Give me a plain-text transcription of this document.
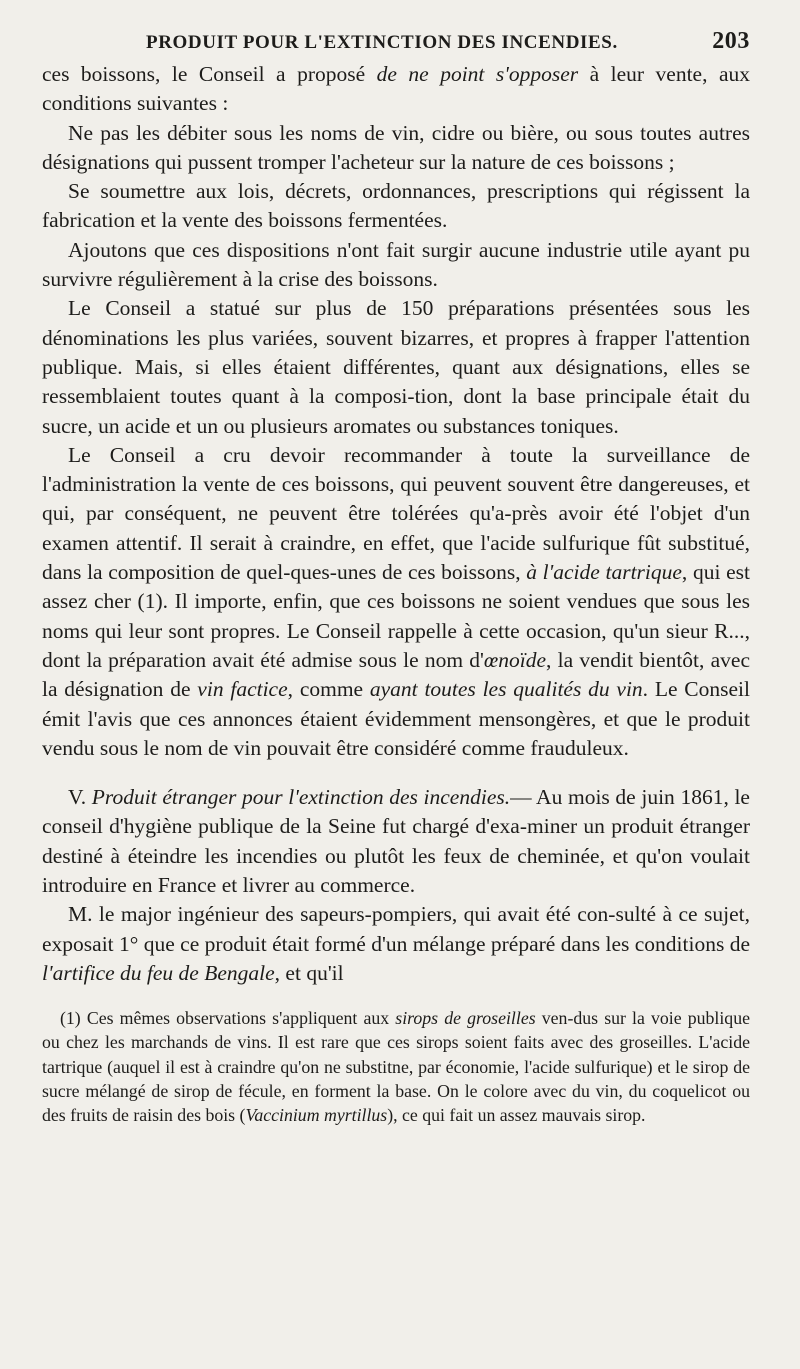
PRODUIT POUR L'EXTINCTION DES INCENDIES.	203

ces boissons, le Conseil a proposé de ne point s'opposer à leur vente, aux conditions suivantes :

Ne pas les débiter sous les noms de vin, cidre ou bière, ou sous toutes autres désignations qui pussent tromper l'acheteur sur la nature de ces boissons ;

Se soumettre aux lois, décrets, ordonnances, prescriptions qui régissent la fabrication et la vente des boissons fermentées.

Ajoutons que ces dispositions n'ont fait surgir aucune industrie utile ayant pu survivre régulièrement à la crise des boissons.

Le Conseil a statué sur plus de 150 préparations présentées sous les dénominations les plus variées, souvent bizarres, et propres à frapper l'attention publique. Mais, si elles étaient différentes, quant aux désignations, elles se ressemblaient toutes quant à la composi-tion, dont la base principale était du sucre, un acide et un ou plusieurs aromates ou substances toniques.

Le Conseil a cru devoir recommander à toute la surveillance de l'administration la vente de ces boissons, qui peuvent souvent être dangereuses, et qui, par conséquent, ne peuvent être tolérées qu'a-près avoir été l'objet d'un examen attentif. Il serait à craindre, en effet, que l'acide sulfurique fût substitué, dans la composition de quel-ques-unes de ces boissons, à l'acide tartrique, qui est assez cher (1). Il importe, enfin, que ces boissons ne soient vendues que sous les noms qui leur sont propres. Le Conseil rappelle à cette occasion, qu'un sieur R..., dont la préparation avait été admise sous le nom d'œnoïde, la vendit bientôt, avec la désignation de vin factice, comme ayant toutes les qualités du vin. Le Conseil émit l'avis que ces annonces étaient évidemment mensongères, et que le produit vendu sous le nom de vin pouvait être considéré comme frauduleux.

V. Produit étranger pour l'extinction des incendies.— Au mois de juin 1861, le conseil d'hygiène publique de la Seine fut chargé d'exa-miner un produit étranger destiné à éteindre les incendies ou plutôt les feux de cheminée, et qu'on voulait introduire en France et livrer au commerce.

M. le major ingénieur des sapeurs-pompiers, qui avait été con-sulté à ce sujet, exposait 1° que ce produit était formé d'un mélange préparé dans les conditions de l'artifice du feu de Bengale, et qu'il

(1) Ces mêmes observations s'appliquent aux sirops de groseilles ven-dus sur la voie publique ou chez les marchands de vins. Il est rare que ces sirops soient faits avec des groseilles. L'acide tartrique (auquel il est à craindre qu'on ne substitne, par économie, l'acide sulfurique) et le sirop de sucre mélangé de sirop de fécule, en forment la base. On le colore avec du vin, du coquelicot ou des fruits de raisin des bois (Vaccinium myrtillus), ce qui fait un assez mauvais sirop.
